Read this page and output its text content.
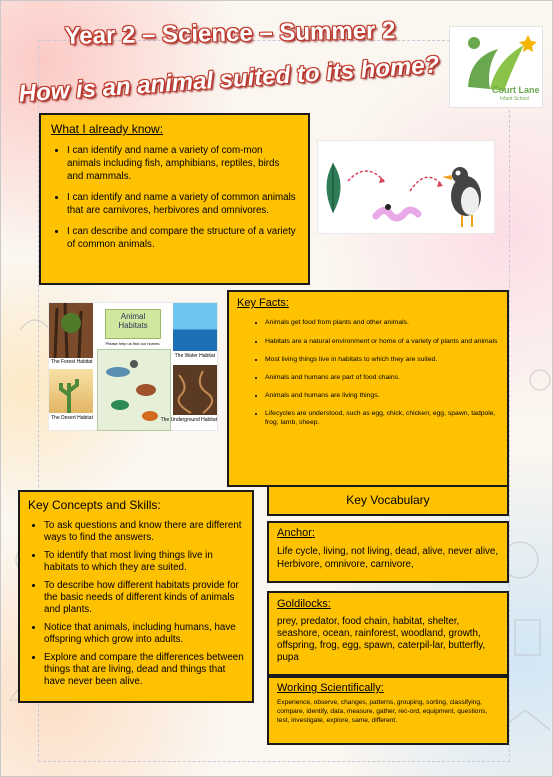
Year 2 – Science – Summer 2
How is an animal suited to its home?	Court Lane
Infant School
What I already know:
• I can identify and name a variety of com-mon animals including fish, amphibians, reptiles, birds and mammals.
• I can identify and name a variety of common animals that are carnivores, herbivores and omnivores.
• I can describe and compare the structure of a variety of common animals.
The Forest Habitat
Animal Habitats
Please help us find our homes.
The Water Habitat
The Desert Habitat	The Underground Habitat
Key Facts:
• Animals get food from plants and other animals.
• Habitats are a natural environment or home of a variety of plants and animals
• Most living things live in habitats to which they are suited.
• Animals and humans are part of food chains.
• Animals and humans are living things.
• Lifecycles are understood, such as egg, chick, chicken; egg, spawn, tadpole, frog; lamb, sheep.
Key Concepts and Skills:
• To ask questions and know there are different ways to find the answers.
• To identify that most living things live in habitats to which they are suited.
• To describe how different habitats provide for the basic needs of different kinds of animals and plants.
• Notice that animals, including humans, have offspring which grow into adults.
• Explore and compare the differences between things that are living, dead and things that have never been alive.
Key Vocabulary
Anchor:
Life cycle, living, not living, dead, alive, never alive, Herbivore, omnivore, carnivore,
Goldilocks:
prey, predator, food chain, habitat, shelter, seashore, ocean, rainforest, woodland, growth, offspring, frog, egg, spawn, caterpil-lar, butterfly, pupa
Working Scientifically:
Experience, observe, changes, patterns, grouping, sorting, classifying, compare, identify, data, measure, gather, rec-ord, equipment, questions, test, investigate, explore, same, different.
